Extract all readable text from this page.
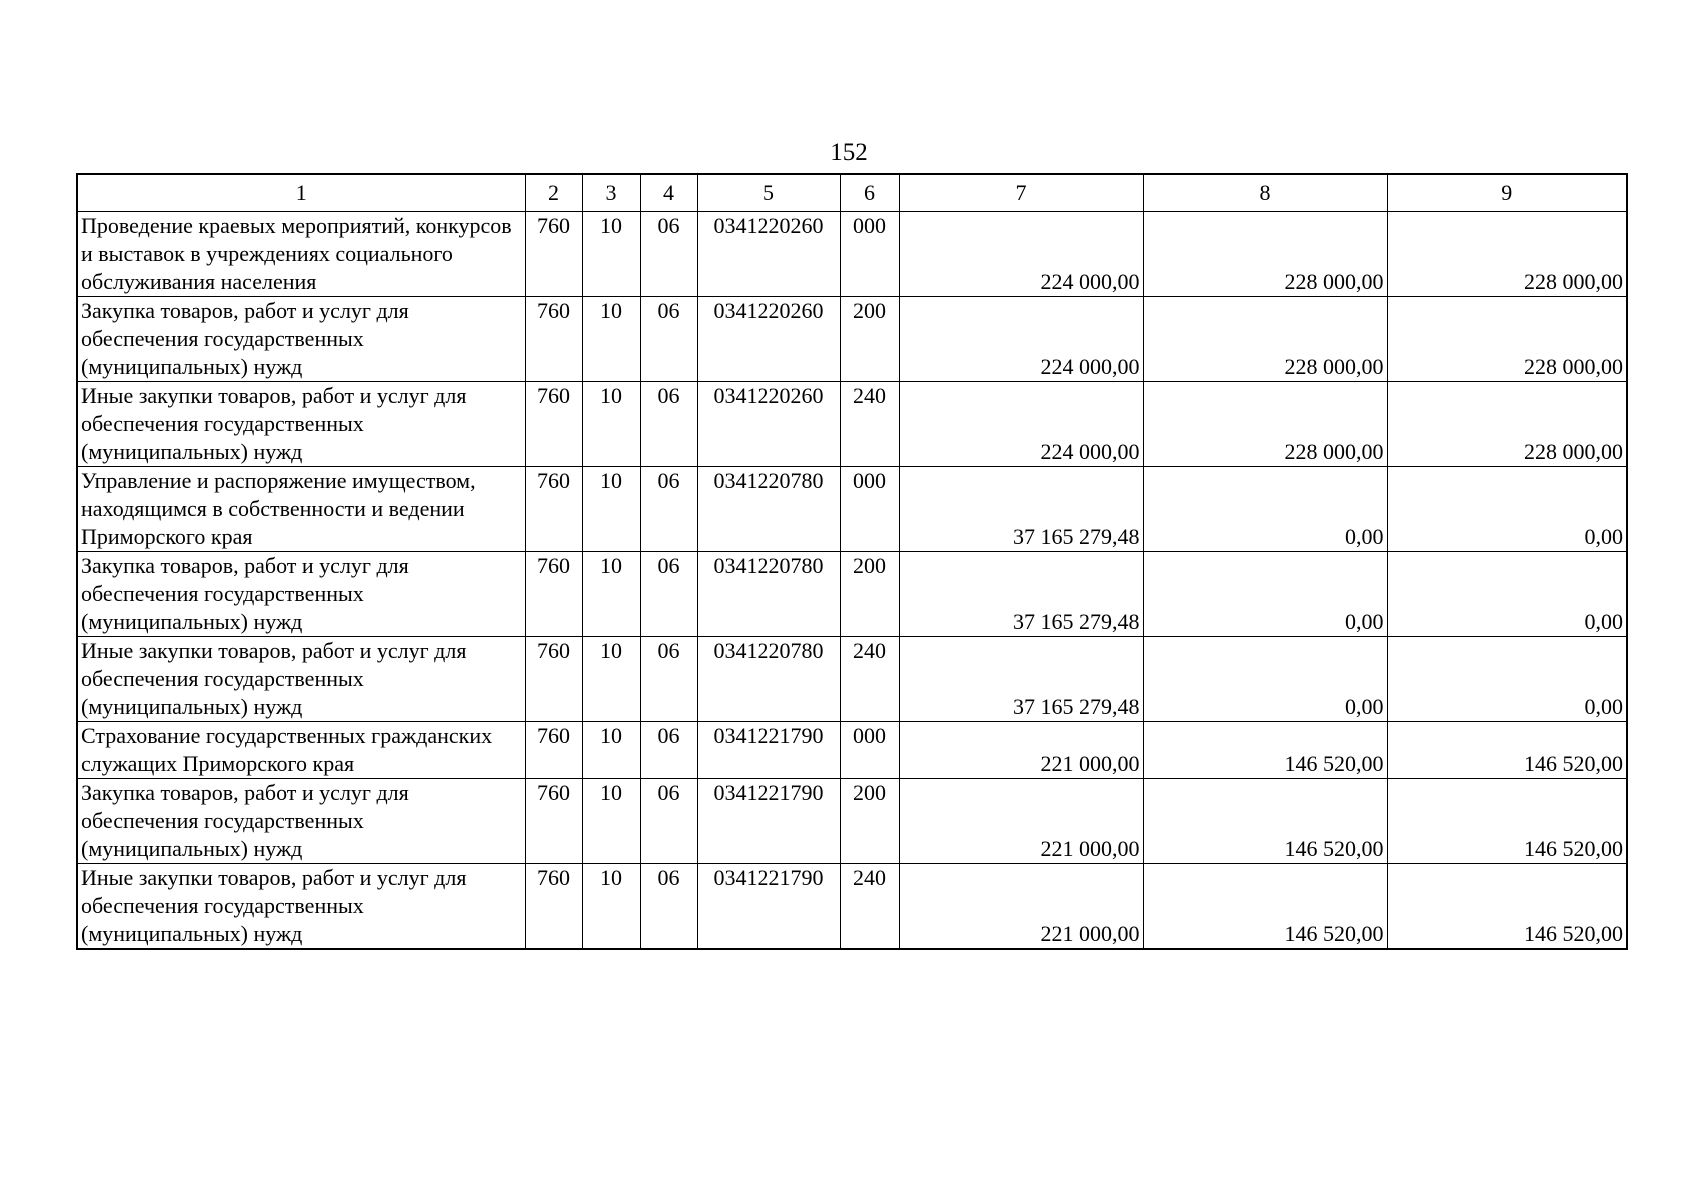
152
1	2	3	4	5	6	7	8	9
Проведение краевых мероприятий, конкурсов и выставок в учреждениях социального обслуживания населения	760	10	06	0341220260	000	224 000,00	228 000,00	228 000,00
Закупка товаров, работ и услуг для обеспечения государственных (муниципальных) нужд	760	10	06	0341220260	200	224 000,00	228 000,00	228 000,00
Иные закупки товаров, работ и услуг для обеспечения государственных (муниципальных) нужд	760	10	06	0341220260	240	224 000,00	228 000,00	228 000,00
Управление и распоряжение имуществом, находящимся в собственности и ведении Приморского края	760	10	06	0341220780	000	37 165 279,48	0,00	0,00
Закупка товаров, работ и услуг для обеспечения государственных (муниципальных) нужд	760	10	06	0341220780	200	37 165 279,48	0,00	0,00
Иные закупки товаров, работ и услуг для обеспечения государственных (муниципальных) нужд	760	10	06	0341220780	240	37 165 279,48	0,00	0,00
Страхование государственных гражданских служащих Приморского края	760	10	06	0341221790	000	221 000,00	146 520,00	146 520,00
Закупка товаров, работ и услуг для обеспечения государственных (муниципальных) нужд	760	10	06	0341221790	200	221 000,00	146 520,00	146 520,00
Иные закупки товаров, работ и услуг для обеспечения государственных (муниципальных) нужд	760	10	06	0341221790	240	221 000,00	146 520,00	146 520,00
